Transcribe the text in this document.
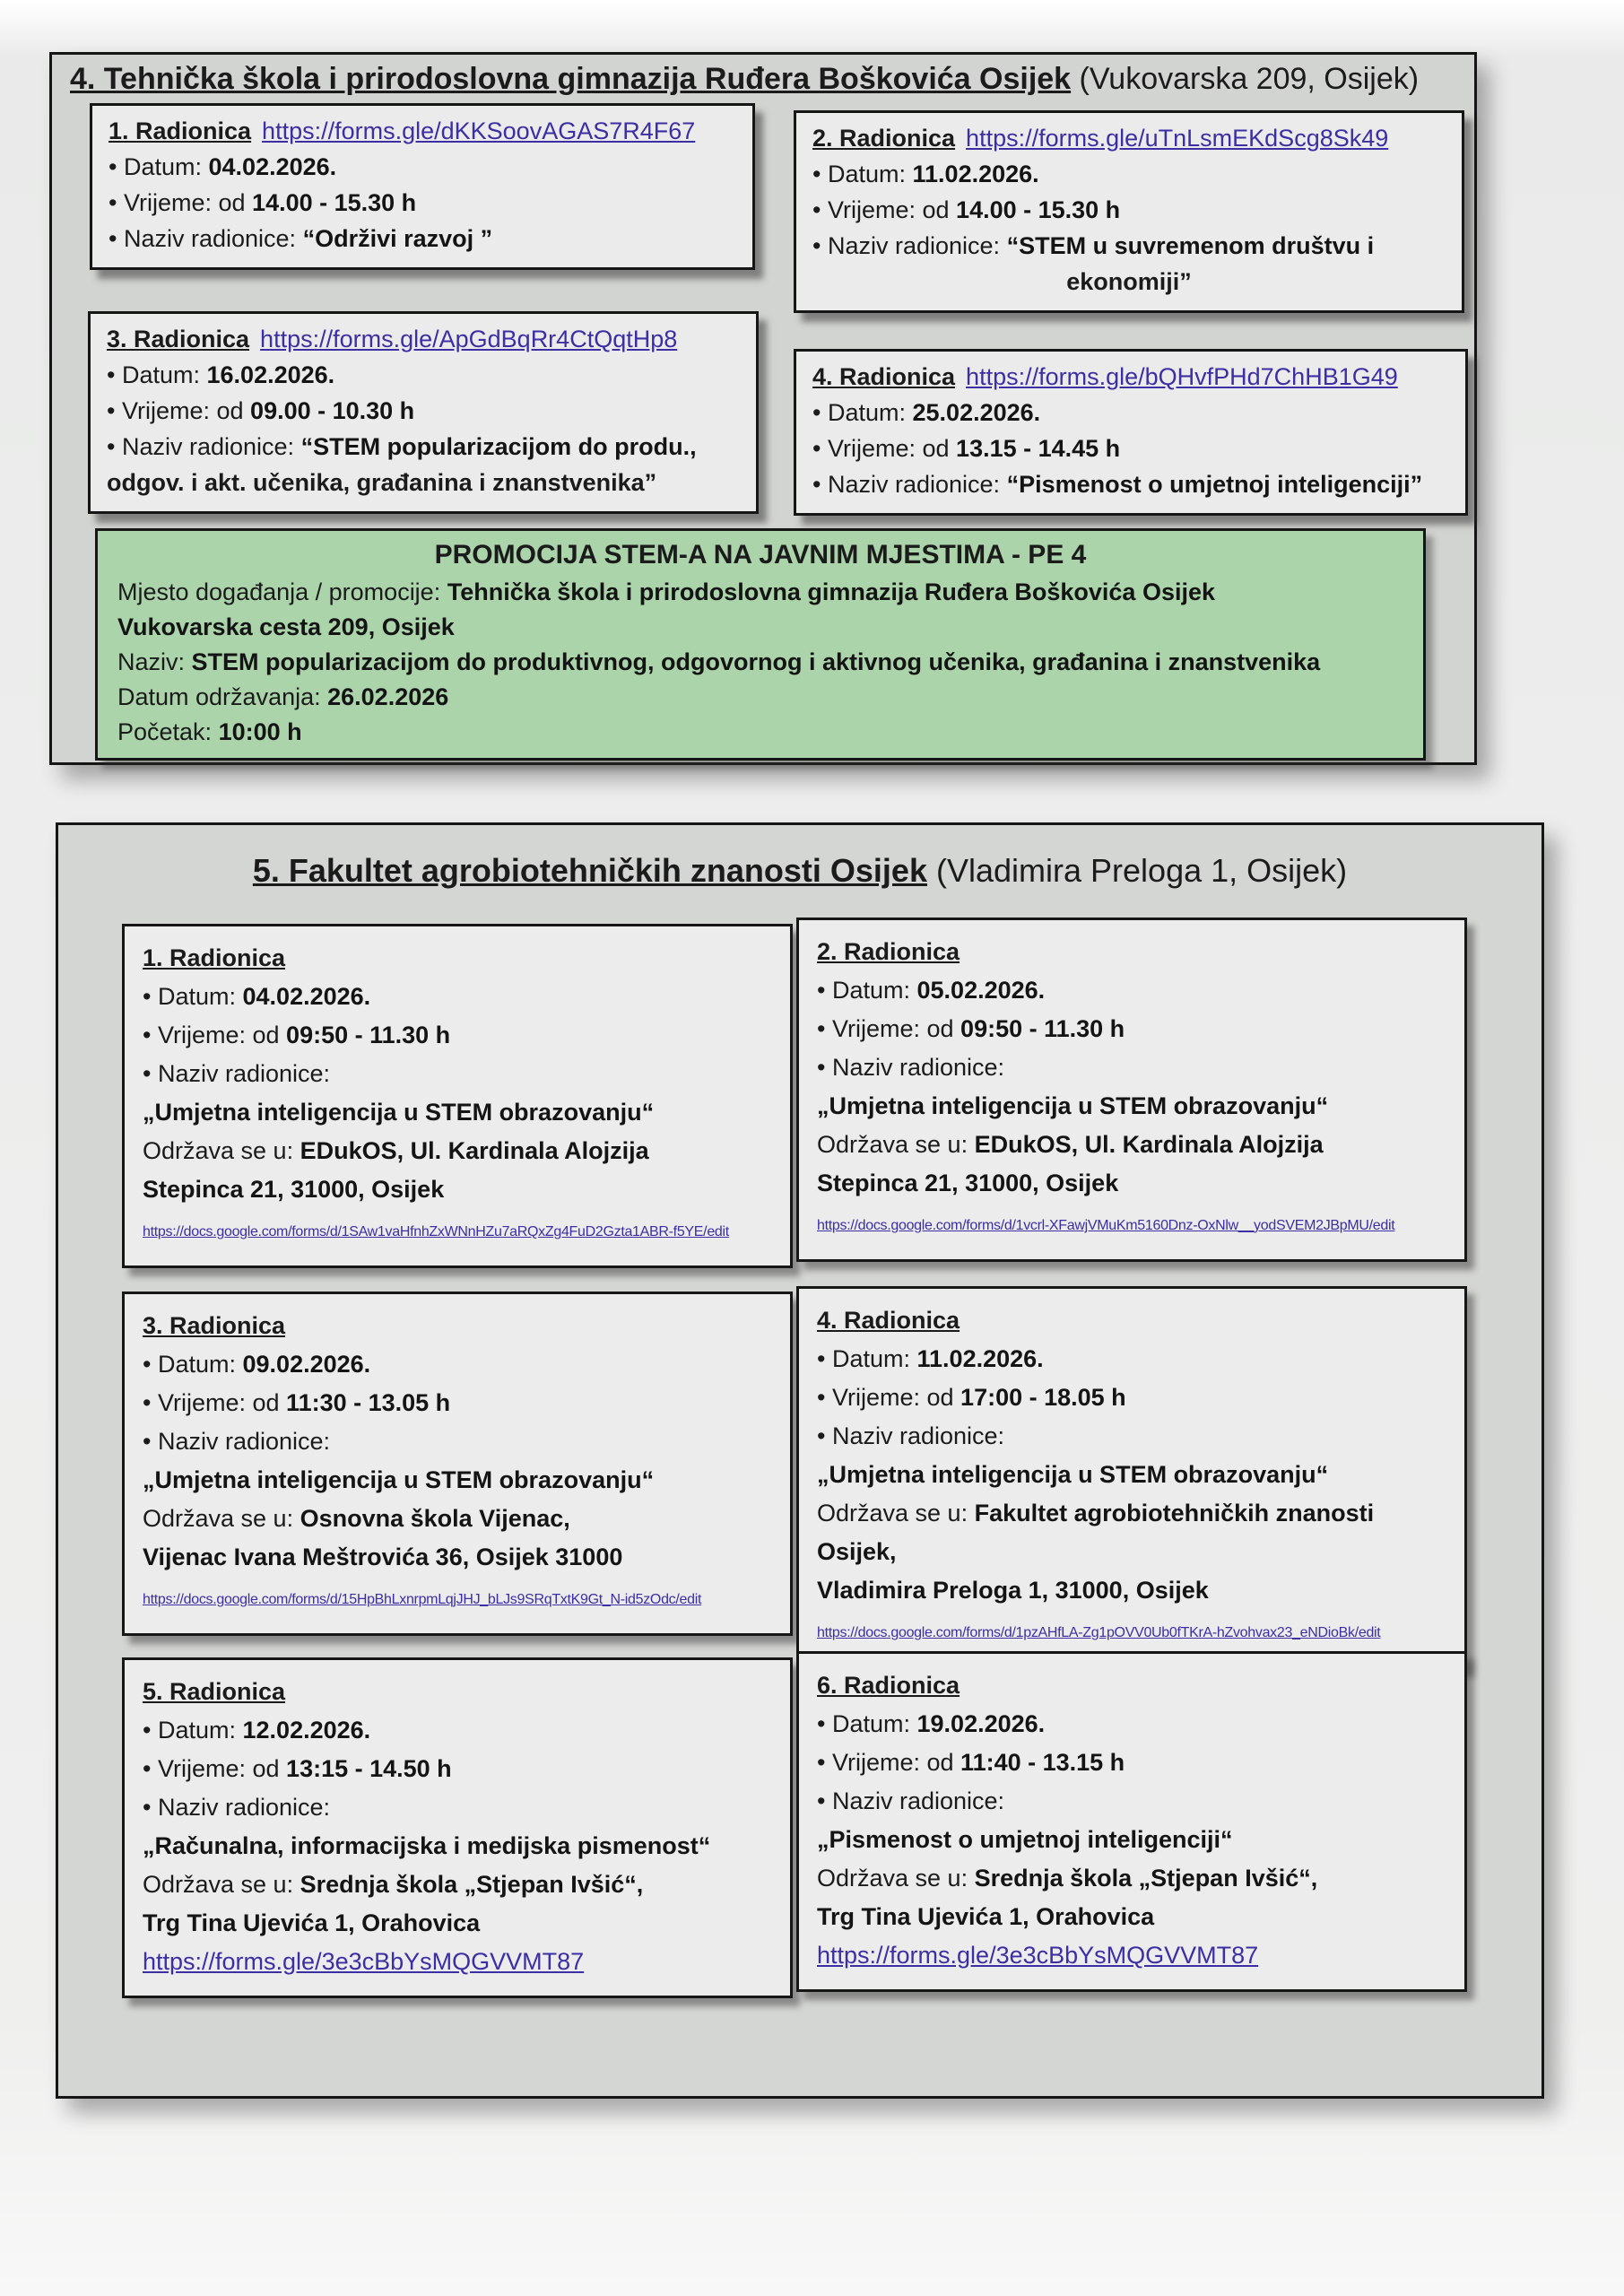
4. Tehnička škola i prirodoslovna gimnazija Ruđera Boškovića Osijek (Vukovarska 209, Osijek)
1. Radionica https://forms.gle/dKKSoovAGAS7R4F67
• Datum: 04.02.2026.
• Vrijeme: od 14.00 - 15.30 h
• Naziv radionice: “Održivi razvoj ”
2. Radionica https://forms.gle/uTnLsmEKdScg8Sk49
• Datum: 11.02.2026.
• Vrijeme: od 14.00 - 15.30 h
• Naziv radionice: “STEM u suvremenom društvu i
ekonomiji”
3. Radionica https://forms.gle/ApGdBqRr4CtQqtHp8
• Datum: 16.02.2026.
• Vrijeme: od 09.00 - 10.30 h
• Naziv radionice: “STEM popularizacijom do produ.,
odgov. i akt. učenika, građanina i znanstvenika”
4. Radionica https://forms.gle/bQHvfPHd7ChHB1G49
• Datum: 25.02.2026.
• Vrijeme: od 13.15 - 14.45 h
• Naziv radionice: “Pismenost o umjetnoj inteligenciji”
PROMOCIJA STEM-A NA JAVNIM MJESTIMA - PE 4
Mjesto događanja / promocije: Tehnička škola i prirodoslovna gimnazija Ruđera Boškovića Osijek
Vukovarska cesta 209, Osijek
Naziv: STEM popularizacijom do produktivnog, odgovornog i aktivnog učenika, građanina i znanstvenika
Datum održavanja: 26.02.2026
Početak: 10:00 h
5. Fakultet agrobiotehničkih znanosti Osijek (Vladimira Preloga 1, Osijek)
1. Radionica
• Datum: 04.02.2026.
• Vrijeme: od 09:50 - 11.30 h
• Naziv radionice:
„Umjetna inteligencija u STEM obrazovanju“
Održava se u: EDukOS, Ul. Kardinala Alojzija
Stepinca 21, 31000, Osijek
https://docs.google.com/forms/d/1SAw1vaHfnhZxWNnHZu7aRQxZg4FuD2Gzta1ABR-f5YE/edit
2. Radionica
• Datum: 05.02.2026.
• Vrijeme: od 09:50 - 11.30 h
• Naziv radionice:
„Umjetna inteligencija u STEM obrazovanju“
Održava se u: EDukOS, Ul. Kardinala Alojzija
Stepinca 21, 31000, Osijek
https://docs.google.com/forms/d/1vcrl-XFawjVMuKm5160Dnz-OxNlw__yodSVEM2JBpMU/edit
3. Radionica
• Datum: 09.02.2026.
• Vrijeme: od 11:30 - 13.05 h
• Naziv radionice:
„Umjetna inteligencija u STEM obrazovanju“
Održava se u: Osnovna škola Vijenac,
Vijenac Ivana Meštrovića 36, Osijek 31000
https://docs.google.com/forms/d/15HpBhLxnrpmLqjJHJ_bLJs9SRqTxtK9Gt_N-id5zOdc/edit
4. Radionica
• Datum: 11.02.2026.
• Vrijeme: od 17:00 - 18.05 h
• Naziv radionice:
„Umjetna inteligencija u STEM obrazovanju“
Održava se u: Fakultet agrobiotehničkih znanosti Osijek,
Vladimira Preloga 1, 31000, Osijek
https://docs.google.com/forms/d/1pzAHfLA-Zg1pOVV0Ub0fTKrA-hZvohvax23_eNDioBk/edit
5. Radionica
• Datum: 12.02.2026.
• Vrijeme: od 13:15 - 14.50 h
• Naziv radionice:
„Računalna, informacijska i medijska pismenost“
Održava se u: Srednja škola „Stjepan Ivšić“,
Trg Tina Ujevića 1, Orahovica
https://forms.gle/3e3cBbYsMQGVVMT87
6. Radionica
• Datum: 19.02.2026.
• Vrijeme: od 11:40 - 13.15 h
• Naziv radionice:
„Pismenost o umjetnoj inteligenciji“
Održava se u: Srednja škola „Stjepan Ivšić“,
Trg Tina Ujevića 1, Orahovica
https://forms.gle/3e3cBbYsMQGVVMT87
